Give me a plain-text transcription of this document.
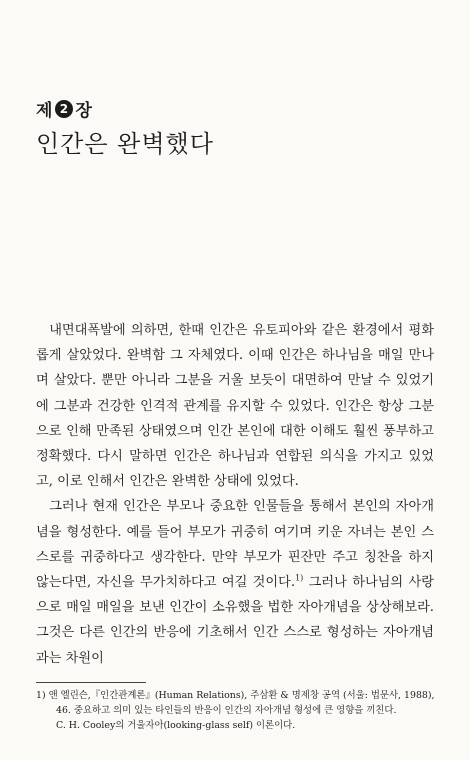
제 2 장
인간은 완벽했다

내면대폭발에 의하면, 한때 인간은 유토피아와 같은 환경에서 평화롭게 살았었다. 완벽함 그 자체였다. 이때 인간은 하나님을 매일 만나며 살았다. 뿐만 아니라 그분을 거울 보듯이 대면하여 만날 수 있었기에 그분과 건강한 인격적 관계를 유지할 수 있었다. 인간은 항상 그분으로 인해 만족된 상태였으며 인간 본인에 대한 이해도 훨씬 풍부하고 정확했다. 다시 말하면 인간은 하나님과 연합된 의식을 가지고 있었고, 이로 인해서 인간은 완벽한 상태에 있었다.

그러나 현재 인간은 부모나 중요한 인물들을 통해서 본인의 자아개념을 형성한다. 예를 들어 부모가 귀중히 여기며 키운 자녀는 본인 스스로를 귀중하다고 생각한다. 만약 부모가 핀잔만 주고 칭찬을 하지 않는다면, 자신을 무가치하다고 여길 것이다.$^{1)}$ 그러나 하나님의 사랑으로 매일 매일을 보낸 인간이 소유했을 법한 자아개념을 상상해보라. 그것은 다른 인간의 반응에 기초해서 인간 스스로 형성하는 자아개념과는 차원이

1) 앤 엘린슨,『인간관계론』(Human Relations), 주삼환 & 명제창 공역 (서울: 법문사, 1988),
46. 중요하고 의미 있는 타인들의 반응이 인간의 자아개념 형성에 큰 영향을 끼친다.
C. H. Cooley의 거울자아(looking-glass self) 이론이다.
